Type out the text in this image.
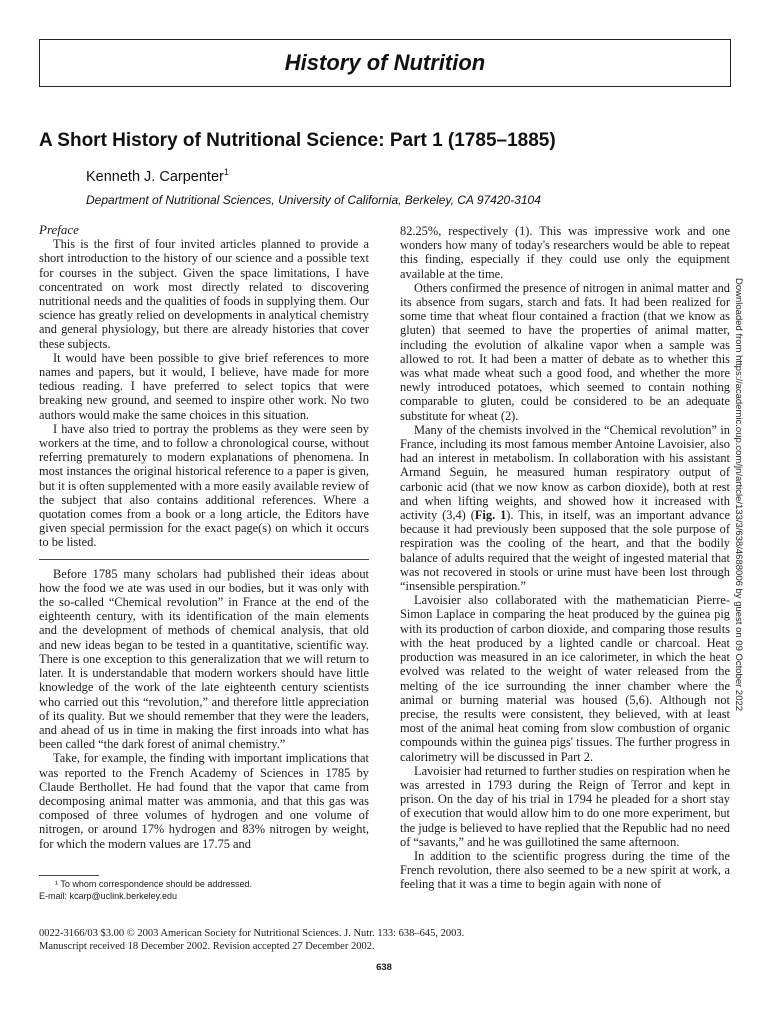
History of Nutrition
A Short History of Nutritional Science: Part 1 (1785–1885)
Kenneth J. Carpenter$^1$
Department of Nutritional Sciences, University of California, Berkeley, CA 97420-3104

Preface

This is the first of four invited articles planned to provide a short introduction to the history of our science and a possible text for courses in the subject. Given the space limitations, I have concentrated on work most directly related to discovering nutritional needs and the qualities of foods in supplying them. Our science has greatly relied on developments in analytical chemistry and general physiology, but there are already histories that cover these subjects.

It would have been possible to give brief references to more names and papers, but it would, I believe, have made for more tedious reading. I have preferred to select topics that were breaking new ground, and seemed to inspire other work. No two authors would make the same choices in this situation.

I have also tried to portray the problems as they were seen by workers at the time, and to follow a chronological course, without referring prematurely to modern explanations of phenomena. In most instances the original historical reference to a paper is given, but it is often supplemented with a more easily available review of the subject that also contains additional references. Where a quotation comes from a book or a long article, the Editors have given special permission for the exact page(s) on which it occurs to be listed.

Before 1785 many scholars had published their ideas about how the food we ate was used in our bodies, but it was only with the so-called “Chemical revolution” in France at the end of the eighteenth century, with its identification of the main elements and the development of methods of chemical analysis, that old and new ideas began to be tested in a quantitative, scientific way. There is one exception to this generalization that we will return to later. It is understandable that modern workers should have little knowledge of the work of the late eighteenth century scientists who carried out this “revolution,” and therefore little appreciation of its quality. But we should remember that they were the leaders, and ahead of us in time in making the first inroads into what has been called “the dark forest of animal chemistry.”

Take, for example, the finding with important implications that was reported to the French Academy of Sciences in 1785 by Claude Berthollet. He had found that the vapor that came from decomposing animal matter was ammonia, and that this gas was composed of three volumes of hydrogen and one volume of nitrogen, or around 17% hydrogen and 83% nitrogen by weight, for which the modern values are 17.75 and

82.25%, respectively (1). This was impressive work and one wonders how many of today's researchers would be able to repeat this finding, especially if they could use only the equipment available at the time.

Others confirmed the presence of nitrogen in animal matter and its absence from sugars, starch and fats. It had been realized for some time that wheat flour contained a fraction (that we know as gluten) that seemed to have the properties of animal matter, including the evolution of alkaline vapor when a sample was allowed to rot. It had been a matter of debate as to whether this was what made wheat such a good food, and whether the more newly introduced potatoes, which seemed to contain nothing comparable to gluten, could be considered to be an adequate substitute for wheat (2).

Many of the chemists involved in the “Chemical revolution” in France, including its most famous member Antoine Lavoisier, also had an interest in metabolism. In collaboration with his assistant Armand Seguin, he measured human respiratory output of carbonic acid (that we now know as carbon dioxide), both at rest and when lifting weights, and showed how it increased with activity (3,4) (Fig. 1). This, in itself, was an important advance because it had previously been supposed that the sole purpose of respiration was the cooling of the heart, and that the bodily balance of adults required that the weight of ingested material that was not recovered in stools or urine must have been lost through “insensible perspiration.”

Lavoisier also collaborated with the mathematician Pierre-Simon Laplace in comparing the heat produced by the guinea pig with its production of carbon dioxide, and comparing those results with the heat produced by a lighted candle or charcoal. Heat production was measured in an ice calorimeter, in which the heat evolved was related to the weight of water released from the melting of the ice surrounding the inner chamber where the animal or burning material was housed (5,6). Although not precise, the results were consistent, they believed, with at least most of the animal heat coming from slow combustion of organic compounds within the guinea pigs' tissues. The further progress in calorimetry will be discussed in Part 2.

Lavoisier had returned to further studies on respiration when he was arrested in 1793 during the Reign of Terror and kept in prison. On the day of his trial in 1794 he pleaded for a short stay of execution that would allow him to do one more experiment, but the judge is believed to have replied that the Republic had no need of “savants,” and he was guillotined the same afternoon.

In addition to the scientific progress during the time of the French revolution, there also seemed to be a new spirit at work, a feeling that it was a time to begin again with none of

¹ To whom correspondence should be addressed.
E-mail: kcarp@uclink.berkeley.edu
0022-3166/03 $3.00 © 2003 American Society for Nutritional Sciences. J. Nutr. 133: 638–645, 2003.
Manuscript received 18 December 2002. Revision accepted 27 December 2002.
638
Downloaded from https://academic.oup.com/jn/article/133/3/638/4688006 by guest on 09 October 2022
